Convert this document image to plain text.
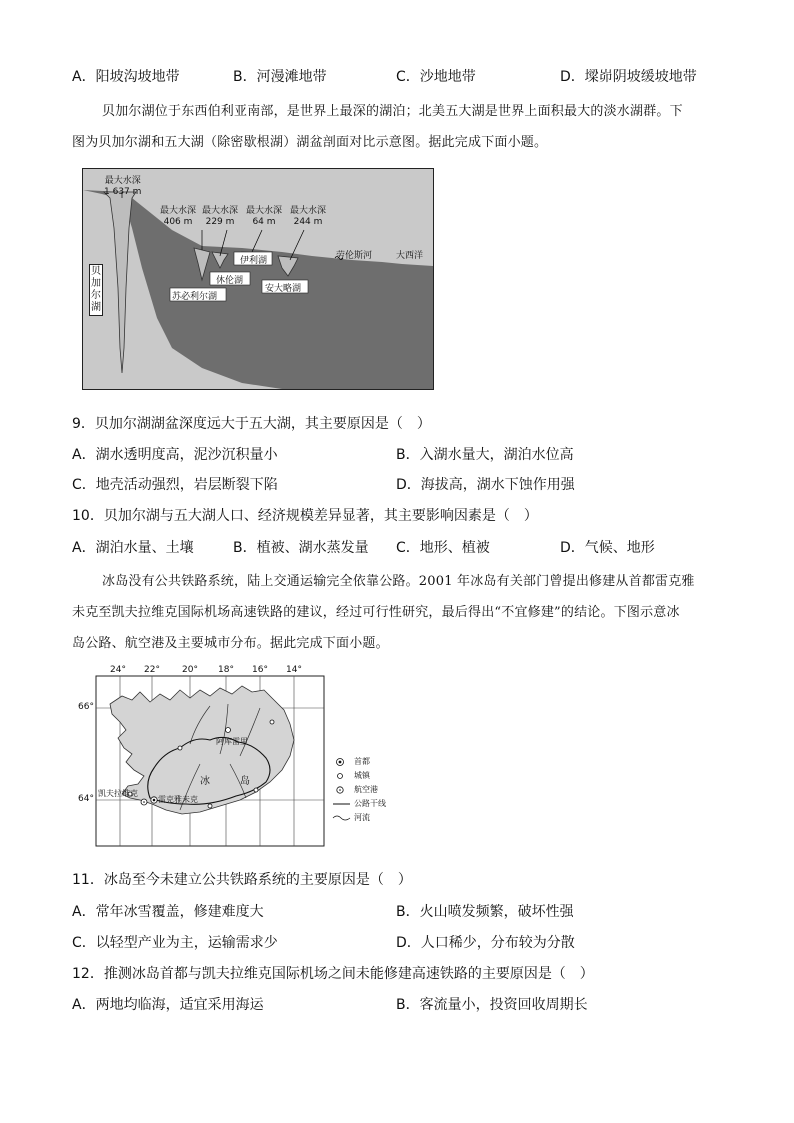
A．阳坡沟坡地带	B．河漫滩地带	C．沙地地带	D．墚峁阴坡缓坡地带
贝加尔湖位于东西伯利亚南部，是世界上最深的湖泊；北美五大湖是世界上面积最大的淡水湖群。下
图为贝加尔湖和五大湖（除密歇根湖）湖盆剖面对比示意图。据此完成下面小题。
最大水深
1 637 m
最大水深
406 m
最大水深
229 m
最大水深
64 m
最大水深
244 m
劳伦斯河	大西洋
贝
加
尔
湖
苏必利尔湖
休伦湖
伊利湖
安大略湖
9．贝加尔湖湖盆深度远大于五大湖，其主要原因是（　）
A．湖水透明度高，泥沙沉积量小	B．入湖水量大，湖泊水位高
C．地壳活动强烈，岩层断裂下陷	D．海拔高，湖水下蚀作用强
10．贝加尔湖与五大湖人口、经济规模差异显著，其主要影响因素是（　）
A．湖泊水量、土壤	B．植被、湖水蒸发量 C．地形、植被	D．气候、地形
冰岛没有公共铁路系统，陆上交通运输完全依靠公路。2001 年冰岛有关部门曾提出修建从首都雷克雅
未克至凯夫拉维克国际机场高速铁路的建议，经过可行性研究，最后得出“不宜修建”的结论。下图示意冰
岛公路、航空港及主要城市分布。据此完成下面小题。
24° 22° 20° 18° 16° 14°
66°
64°
阿库雷里
冰	岛
凯夫拉维克
雷克雅未克
首都
城镇
航空港
公路干线
河流
11．冰岛至今未建立公共铁路系统的主要原因是（　）
A．常年冰雪覆盖，修建难度大	B．火山喷发频繁，破坏性强
C．以轻型产业为主，运输需求少	D．人口稀少，分布较为分散
12．推测冰岛首都与凯夫拉维克国际机场之间未能修建高速铁路的主要原因是（　）
A．两地均临海，适宜采用海运	B．客流量小，投资回收周期长
